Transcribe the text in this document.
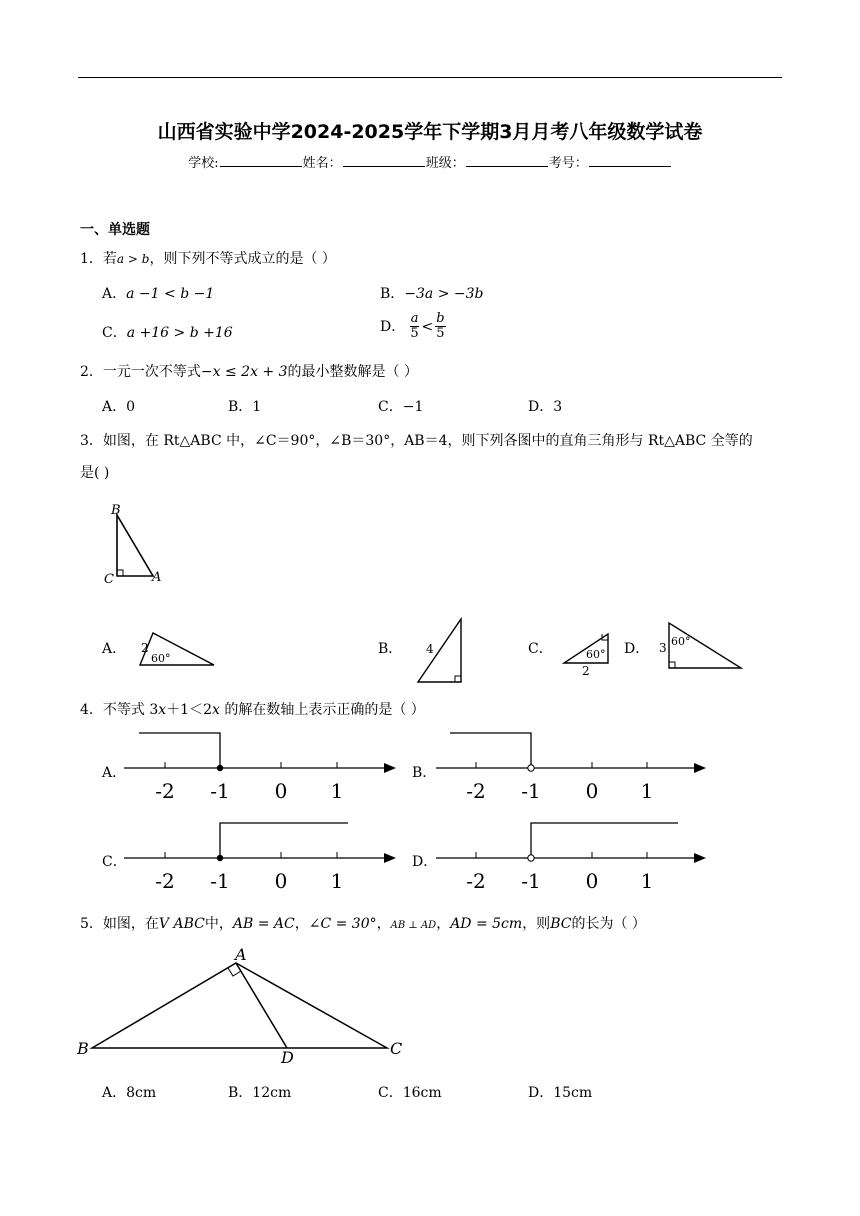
山西省实验中学2024-2025学年下学期3月月考八年级数学试卷
学校:	姓名：	班级：	考号：
一、单选题
1．若a > b，则下列不等式成立的是（ ）
A．a −1 < b −1	B．−3a > −3b
C．a +16 > b +16	D． $\frac{a}{5} < \frac{b}{5}$
2．一元一次不等式−x ≤ 2x + 3的最小整数解是（ ）
A．0	B．1	C．−1	D．3
3．如图，在 Rt△ABC 中，∠C＝90°，∠B＝30°，AB＝4，则下列各图中的直角三角形与 Rt△ABC 全等的
是( )
B
C	A
A． 2
60°
B． 4	C．	60°
2
D． 3 60°
4．不等式 3x＋1＜2x 的解在数轴上表示正确的是（ ）
A．	B．
C．	D．
-2 -1 0 1	-2 -1 0 1
-2 -1 0 1	-2 -1 0 1
5．如图，在V ABC中，AB = AC，∠C = 30°，AB ⊥ AD，AD = 5cm，则BC的长为（ ）
A
B	C
D
A．8cm	B．12cm	C．16cm	D．15cm
